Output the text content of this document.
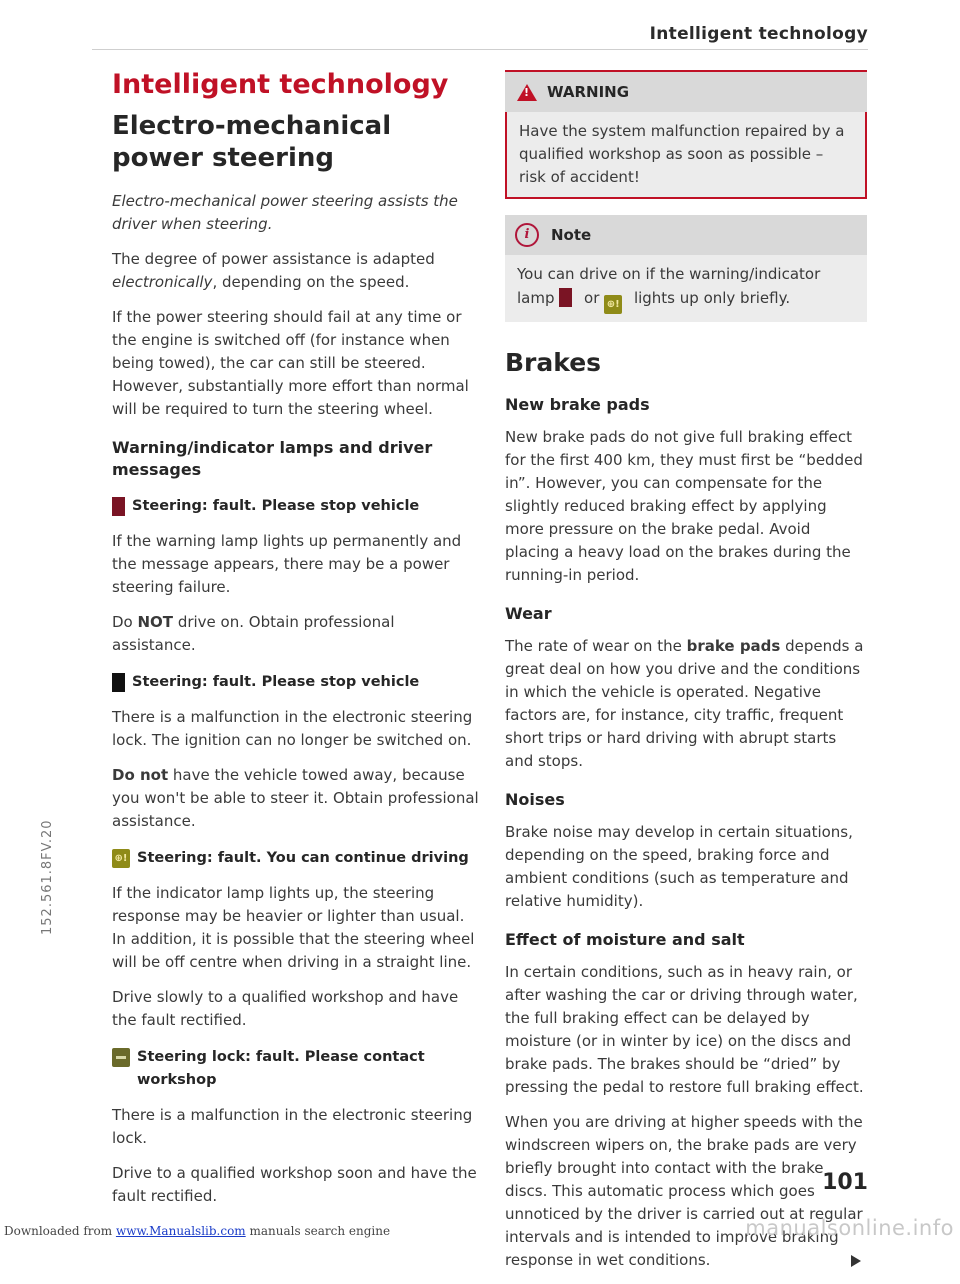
Intelligent technology
Intelligent technology
Electro-mechanical power steering

Electro-mechanical power steering assists the driver when steering.

The degree of power assistance is adapted electronically, depending on the speed.

If the power steering should fail at any time or the engine is switched off (for instance when being towed), the car can still be steered. However, substantially more effort than normal will be required to turn the steering wheel.

Warning/indicator lamps and driver messages
Steering: fault. Please stop vehicle

If the warning lamp lights up permanently and the message appears, there may be a power steering failure.

Do NOT drive on. Obtain professional assistance.

Steering: fault. Please stop vehicle

There is a malfunction in the electronic steering lock. The ignition can no longer be switched on.

Do not have the vehicle towed away, because you won't be able to steer it. Obtain professional assistance.

⊕! Steering: fault. You can continue driving

If the indicator lamp lights up, the steering response may be heavier or lighter than usual. In addition, it is possible that the steering wheel will be off centre when driving in a straight line.

Drive slowly to a qualified workshop and have the fault rectified.

Steering lock: fault. Please contact workshop

There is a malfunction in the electronic steering lock.

Drive to a qualified workshop soon and have the fault rectified.

!
WARNING
Have the system malfunction repaired by a qualified workshop as soon as possible – risk of accident!
i	Note
You can drive on if the warning/indicator lamp  or ⊕! lights up only briefly.
Brakes
New brake pads

New brake pads do not give full braking effect for the first 400 km, they must first be “bedded in”. However, you can compensate for the slightly reduced braking effect by applying more pressure on the brake pedal. Avoid placing a heavy load on the brakes during the running-in period.

Wear

The rate of wear on the brake pads depends a great deal on how you drive and the conditions in which the vehicle is operated. Negative factors are, for instance, city traffic, frequent short trips or hard driving with abrupt starts and stops.

Noises

Brake noise may develop in certain situations, depending on the speed, braking force and ambient conditions (such as temperature and relative humidity).

Effect of moisture and salt

In certain conditions, such as in heavy rain, or after washing the car or driving through water, the full braking effect can be delayed by moisture (or in winter by ice) on the discs and brake pads. The brakes should be “dried” by pressing the pedal to restore full braking effect.

When you are driving at higher speeds with the windscreen wipers on, the brake pads are very briefly brought into contact with the brake discs. This automatic process which goes unnoticed by the driver is carried out at regular intervals and is intended to improve braking response in wet conditions.

152.561.8FV.20
101
Downloaded from www.Manualslib.com manuals search engine	manualsonline.info
